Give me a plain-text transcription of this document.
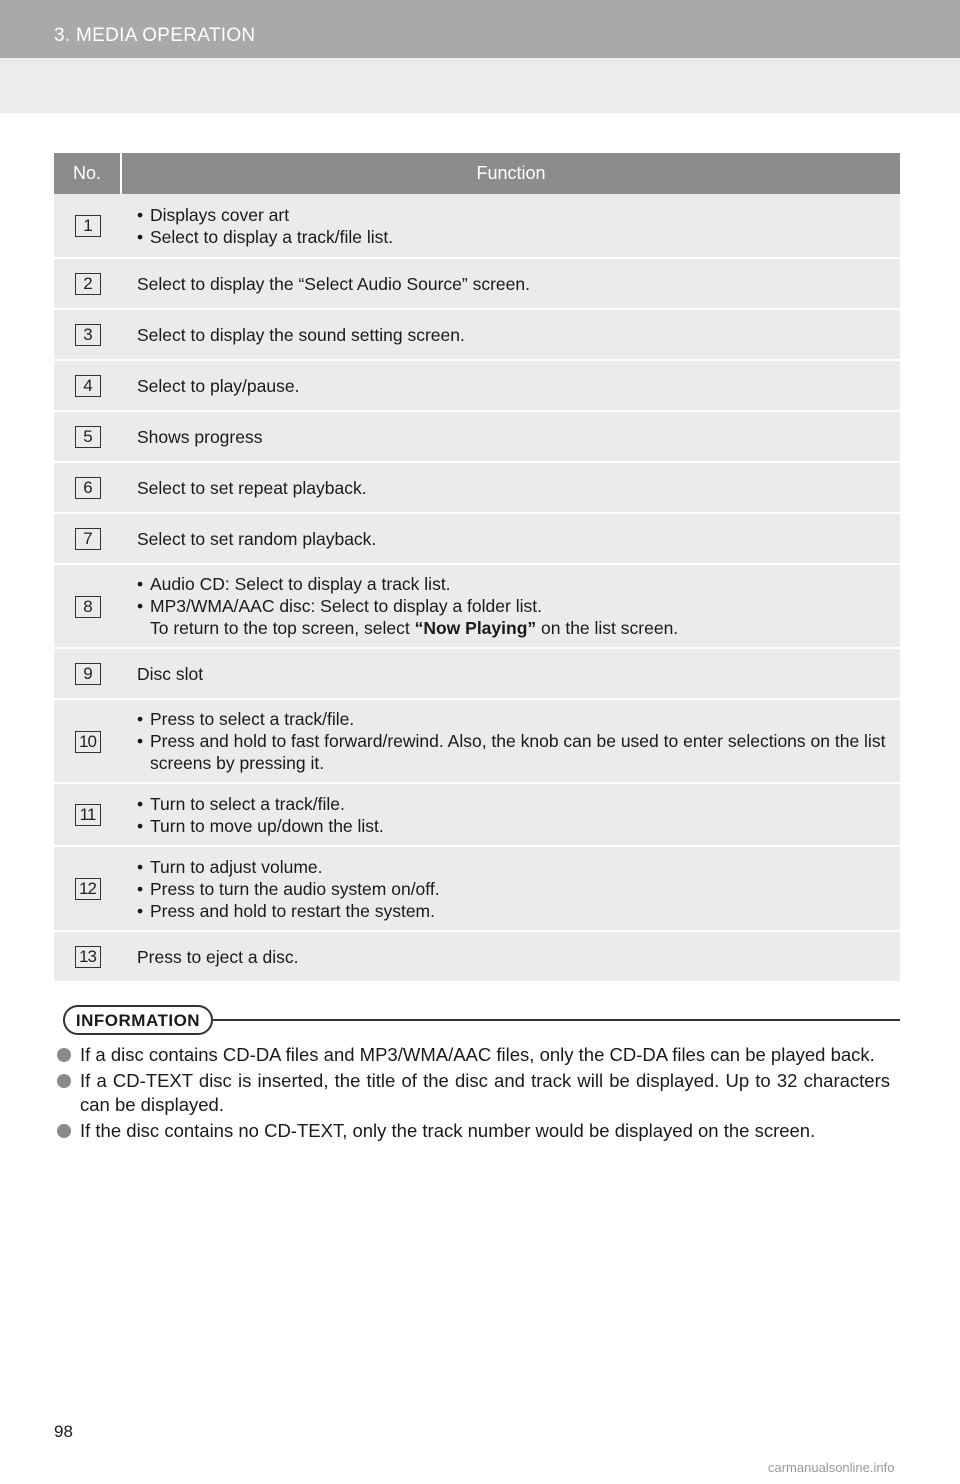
3. MEDIA OPERATION
No.	Function
1	• Displays cover art
• Select to display a track/file list.

2	Select to display the “Select Audio Source” screen.
3	Select to display the sound setting screen.
4	Select to play/pause.
5	Shows progress
6	Select to set repeat playback.
7	Select to set random playback.
8	• Audio CD: Select to display a track list.
• MP3/WMA/AAC disc: Select to display a folder list.
To return to the top screen, select “Now Playing” on the list screen.

9	Disc slot
10	• Press to select a track/file.
• Press and hold to fast forward/rewind. Also, the knob can be used to enter selections on the list screens by pressing it.

11	• Turn to select a track/file.
• Turn to move up/down the list.

12	• Turn to adjust volume.
• Press to turn the audio system on/off.
• Press and hold to restart the system.

13	Press to eject a disc.
INFORMATION
If a disc contains CD-DA files and MP3/WMA/AAC files, only the CD-DA files can be played back.
If a CD-TEXT disc is inserted, the title of the disc and track will be displayed. Up to 32 characters can be displayed.
If the disc contains no CD-TEXT, only the track number would be displayed on the screen.
98
carmanualsonline.info
